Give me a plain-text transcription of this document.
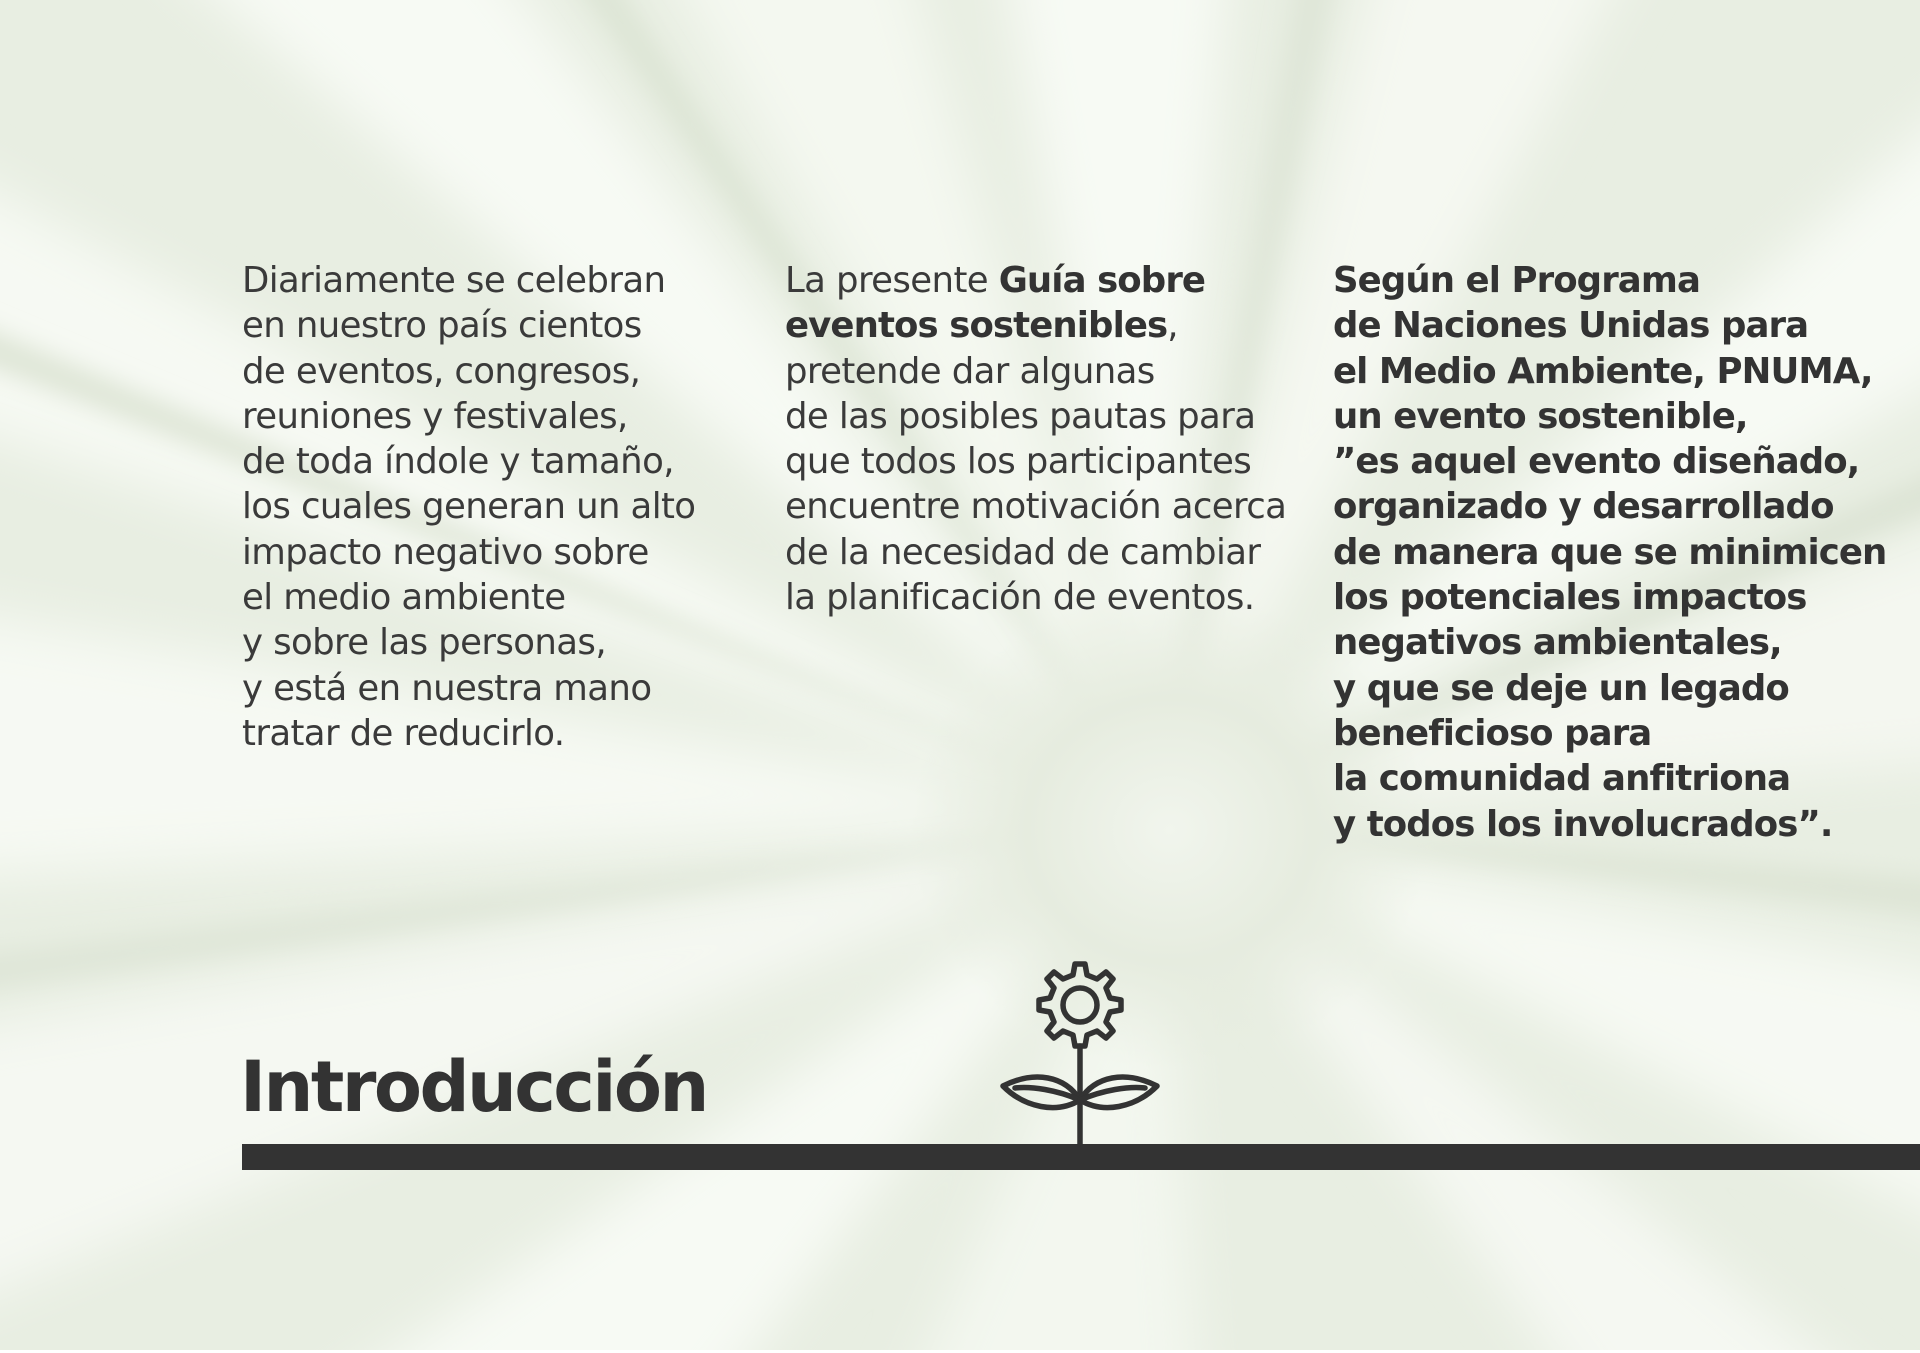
Diariamente se celebran
en nuestro país cientos
de eventos, congresos,
reuniones y festivales,
de toda índole y tamaño,
los cuales generan un alto
impacto negativo sobre
el medio ambiente
y sobre las personas,
y está en nuestra mano
tratar de reducirlo.
La presente Guía sobre
eventos sostenibles,
pretende dar algunas
de las posibles pautas para
que todos los participantes
encuentre motivación acerca
de la necesidad de cambiar
la planificación de eventos.
Según el Programa
de Naciones Unidas para
el Medio Ambiente, PNUMA,
un evento sostenible,
”es aquel evento diseñado,
organizado y desarrollado
de manera que se minimicen
los potenciales impactos
negativos ambientales,
y que se deje un legado
beneficioso para
la comunidad anfitriona
y todos los involucrados”.
Introducción
